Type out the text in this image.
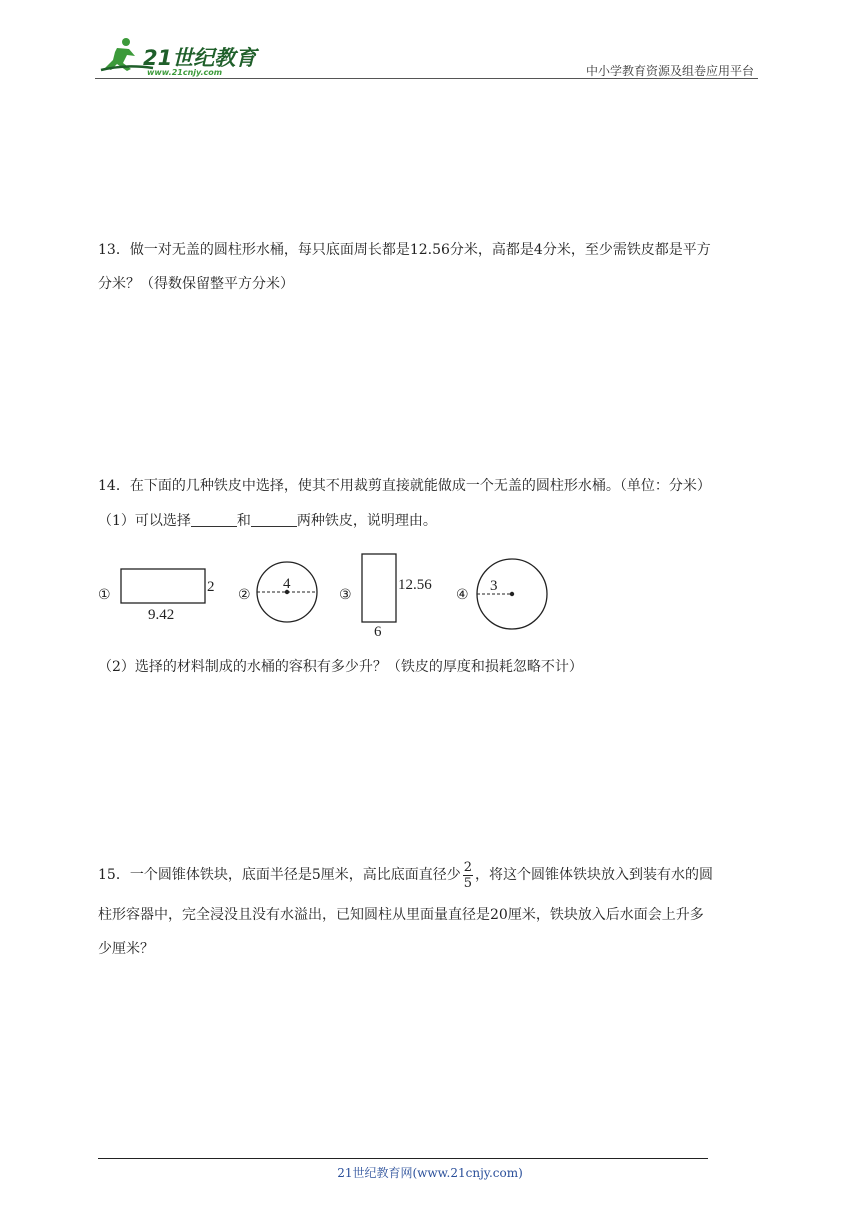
21世纪教育
www.21cnjy.com	中小学教育资源及组卷应用平台
13．做一对无盖的圆柱形水桶，每只底面周长都是12.56分米，高都是4分米，至少需铁皮都是平方
分米？（得数保留整平方分米）
14．在下面的几种铁皮中选择，使其不用裁剪直接就能做成一个无盖的圆柱形水桶。（单位：分米）
（1）可以选择	和	两种铁皮，说明理由。
①	2
9.42
②
4
③
12.56
6
④
3
（2）选择的材料制成的水桶的容积有多少升？（铁皮的厚度和损耗忽略不计）
15．一个圆锥体铁块，底面半径是5厘米，高比底面直径少 $\frac{2}{5}$ ，将这个圆锥体铁块放入到装有水的圆
柱形容器中，完全浸没且没有水溢出，已知圆柱从里面量直径是20厘米，铁块放入后水面会上升多
少厘米？
21世纪教育网(www.21cnjy.com)
